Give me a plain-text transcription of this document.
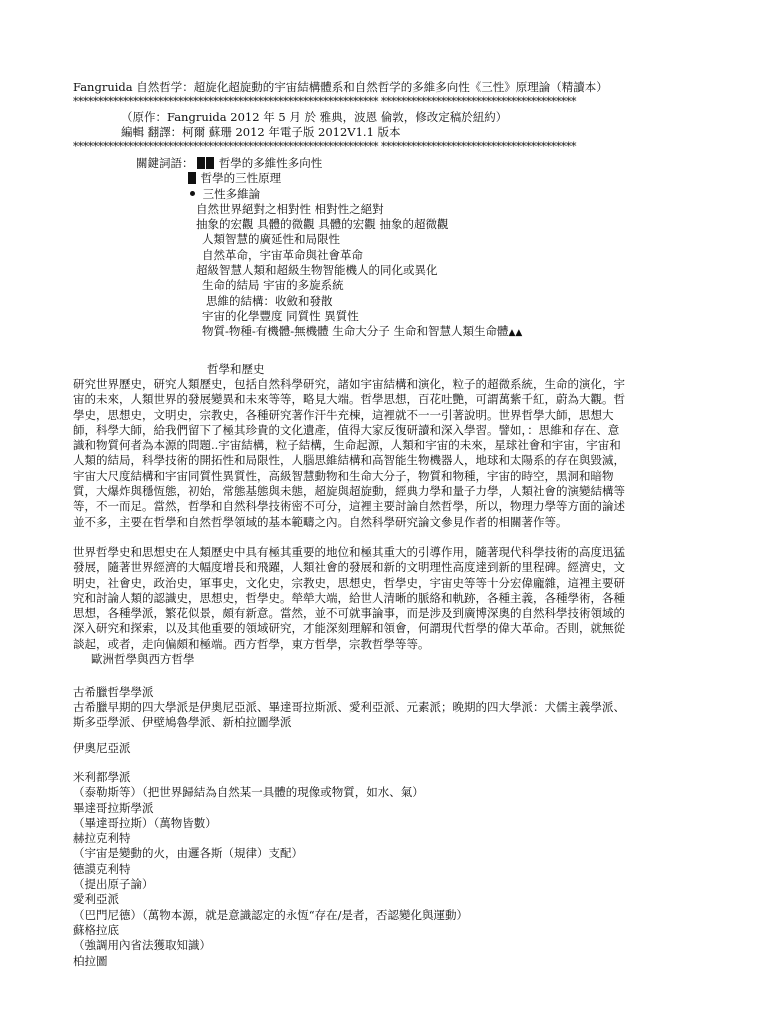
Fangruida 自然哲学：超旋化超旋動的宇宙結構體系和自然哲学的多維多向性《三性》原理論（精讀本）
************************************************************* ***************************************
（原作：Fangruida 2012 年 5 月 於 雅典，波恩 倫敦，修改定稿於紐約）
編輯 翻譯：柯爾 蘇珊 2012 年電子版 2012V1.1 版本
************************************************************* ***************************************
關鍵詞語： 哲學的多維性多向性
哲學的三性原理
三性多維論
自然世界絕對之相對性 相對性之絕對
抽象的宏觀 具體的微觀 具體的宏觀 抽象的超微觀
人類智慧的廣延性和局限性
自然革命，宇宙革命與社會革命
超級智慧人類和超級生物智能機人的同化或異化
生命的結局 宇宙的多旋系統
思維的結構：收斂和發散
宇宙的化學豐度 同質性 異質性
物質-物種-有機體-無機體 生命大分子 生命和智慧人類生命體▲▲
哲學和歷史
研究世界歷史，研究人類歷史，包括自然科學研究，諸如宇宙結構和演化，粒子的超微系統，生命的演化，宇
宙的未來，人類世界的發展變異和未來等等，略見大端。哲學思想，百花吐艷，可謂萬紫千紅，蔚為大觀。哲
學史，思想史，文明史，宗教史，各種研究著作汗牛充棟，這裡就不一一引著說明。世界哲學大師，思想大
師，科學大師，給我們留下了極其珍貴的文化遺產，值得大家反復研讀和深入學習。譬如，：思維和存在、意
識和物質何者為本源的問題..宇宙結構，粒子結構，生命起源，人類和宇宙的未來，星球社會和宇宙，宇宙和
人類的結局，科學技術的開拓性和局限性，人腦思維結構和高智能生物機器人，地球和太陽系的存在與毀滅，
宇宙大尺度結構和宇宙同質性異質性，高級智慧動物和生命大分子，物質和物種，宇宙的時空，黑洞和暗物
質，大爆炸與穩恆態，初始，常態基態與未態，超旋與超旋動，經典力學和量子力學，人類社會的演變結構等
等，不一而足。當然，哲學和自然科學技術密不可分，這裡主要討論自然哲學，所以，物理力學等方面的論述
並不多，主要在哲學和自然哲學領域的基本範疇之內。自然科學研究論文參見作者的相關著作等。
世界哲學史和思想史在人類歷史中具有極其重要的地位和極其重大的引導作用，隨著現代科學技術的高度迅猛
發展，隨著世界經濟的大幅度增長和飛躍，人類社會的發展和新的文明理性高度達到新的里程碑。經濟史，文
明史，社會史，政治史，軍事史，文化史，宗教史，思想史，哲學史，宇宙史等等十分宏偉龐雜，這裡主要研
究和討論人類的認識史，思想史，哲學史。犖犖大端，給世人清晰的脈絡和軌跡，各種主義，各種學術，各種
思想，各種學派，繁花似景，頗有新意。當然，並不可就事論事，而是涉及到廣博深奧的自然科學技術領域的
深入研究和探索，以及其他重要的領域研究，才能深刻理解和領會，何謂現代哲學的偉大革命。否則，就無從
談起，或者，走向偏頗和極端。西方哲學，東方哲學，宗教哲學等等。
歐洲哲學與西方哲學
古希臘哲學學派
古希臘早期的四大學派是伊奧尼亞派、畢達哥拉斯派、愛利亞派、元素派；晚期的四大學派：犬儒主義學派、
斯多亞學派、伊壁鳩魯學派、新柏拉圖學派
伊奧尼亞派
米利都學派
（泰勒斯等）（把世界歸結為自然某一具體的現像或物質，如水、氣）
畢達哥拉斯學派
（畢達哥拉斯）（萬物皆數）
赫拉克利特
（宇宙是變動的火，由邏各斯（規律）支配）
德謨克利特
（提出原子論）
愛利亞派
（巴門尼德）（萬物本源，就是意識認定的永恆“存在/是者，否認變化與運動）
蘇格拉底
（強調用內省法獲取知識）
柏拉圖
